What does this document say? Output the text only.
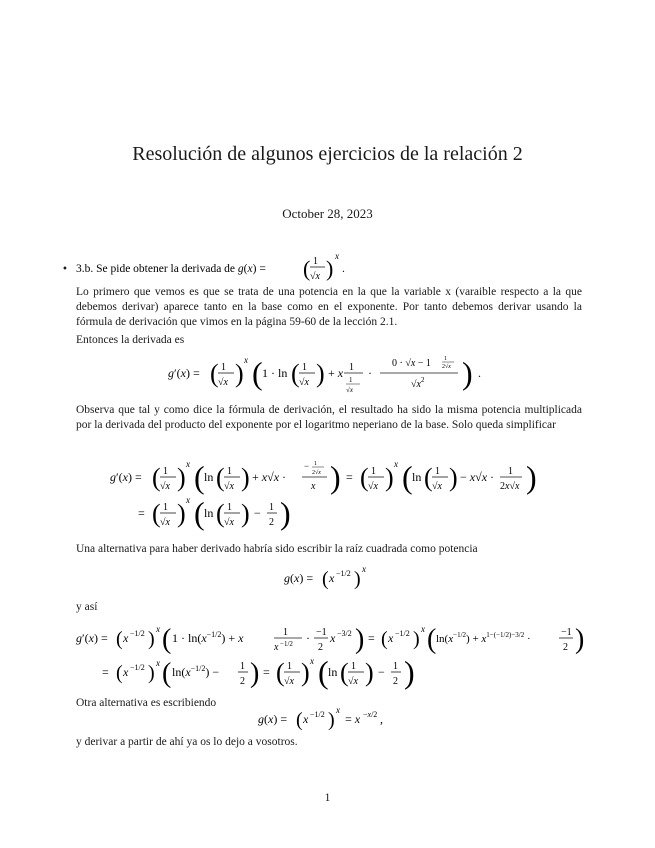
Resolución de algunos ejercicios de la relación 2
October 28, 2023
• 3.b. Se pide obtener la derivada de g(x) = ( 1
√x ) x
.
Lo primero que vemos es que se trata de una potencia en la que la variable x (varaible respecto a la que debemos derivar) aparece tanto en la base como en el exponente. Por tanto debemos derivar usando la fórmula de derivación que vimos en la página 59-60 de la lección 2.1.
Entonces la derivada es
g′(x) = ( 1
√x ) x ( 1 · ln ( 1
√x ) + x 1
1
√x
·
0 · √x − 1 1
2√x
$√x^2$ ) .
Observa que tal y como dice la fórmula de derivación, el resultado ha sido la misma potencia multiplicada por la derivada del producto del exponente por el logaritmo neperiano de la base. Solo queda simplificar
g′(x) = ( 1
√x ) x ( ln ( 1
√x ) + x√x ·
− 1
2√x
x ) = ( 1
√x ) x ( ln ( 1
√x ) − x√x · 1
2x√x )
= ( 1
√x ) x ( ln ( 1
√x ) − 1
2 )
Una alternativa para haber derivado habría sido escribir la raíz cuadrada como potencia
g(x) = ( x −1/2 ) x
y así
g′(x) = ( x −1/2 ) x ( $1 \cdot \ln(x^{-1/2}) + x$	1
x −1/2 · −1
2
x −3/2 ) = ( x −1/2 ) x ( $\ln(x^{-1/2}) + x^{1-(-1/2)-3/2}$ ·
−1
2 )
= ( x −1/2 ) x ( $\ln(x^{-1/2}) - 1$
2 ) = ( 1
√x ) x ( ln ( 1
√x ) − 1
2 )
Otra alternativa es escribiendo
g(x) = ( x −1/2 ) x
= x −x/2 ,
y derivar a partir de ahí ya os lo dejo a vosotros.
1
